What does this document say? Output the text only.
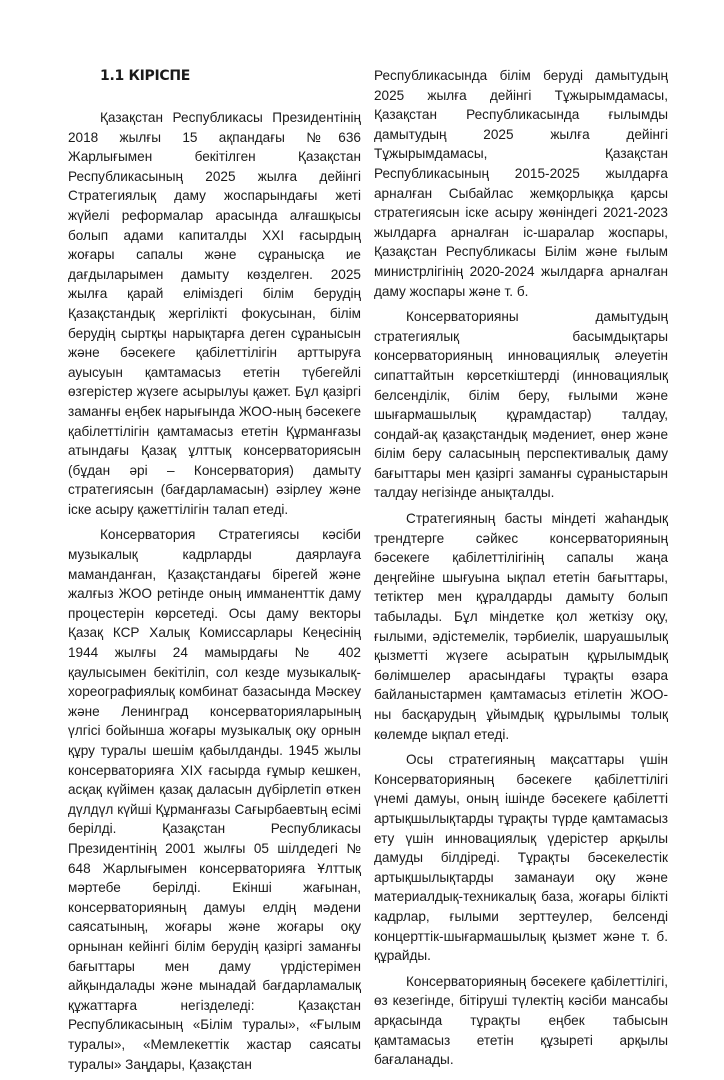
1.1 КІРІСПЕ

Қазақстан Республикасы Президентінің 2018 жылғы 15 ақпандағы №636 Жарлығымен бекітілген Қазақстан Республикасының 2025 жылға дейінгі Стратегиялық даму жоспарындағы жеті жүйелі реформалар арасында алғашқысы болып адами капиталды XXI ғасырдың жоғары сапалы және сұранысқа ие дағдыларымен дамыту көзделген. 2025 жылға қарай еліміздегі білім берудің Қазақстандық жергілікті фокусынан, білім берудің сыртқы нарықтарға деген сұранысын және бәсекеге қабілеттілігін арттыруға ауысуын қамтамасыз ететін түбегейлі өзгерістер жүзеге асырылуы қажет. Бұл қазіргі заманғы еңбек нарығында ЖОО-ның бәсекеге қабілеттілігін қамтамасыз ететін Құрманғазы атындағы Қазақ ұлттық консерваториясын (бұдан әрі – Консерватория) дамыту стратегиясын (бағдарламасын) әзірлеу және іске асыру қажеттілігін талап етеді.

Консерватория Стратегиясы кәсіби музыкалық кадрларды даярлауға маманданған, Қазақстандағы бірегей және жалғыз ЖОО ретінде оның имманенттік даму процестерін көрсетеді. Осы даму векторы Қазақ КСР Халық Комиссарлары Кеңесінің 1944 жылғы 24 мамырдағы № 402 қаулысымен бекітіліп, сол кезде музыкалық-хореографиялық комбинат базасында Мәскеу және Ленинград консерваторияларының үлгісі бойынша жоғары музыкалық оқу орнын құру туралы шешім қабылданды. 1945 жылы консерваторияға XIX ғасырда ғұмыр кешкен, асқақ күйімен қазақ даласын дүбірлетіп өткен дүлдүл күйші Құрманғазы Сағырбаевтың есімі берілді. Қазақстан Республикасы Президентінің 2001 жылғы 05 шілдедегі № 648 Жарлығымен консерваторияға Ұлттық мәртебе берілді. Екінші жағынан, консерваторияның дамуы елдің мәдени саясатының, жоғары және жоғары оқу орнынан кейінгі білім берудің қазіргі заманғы бағыттары мен даму үрдістерімен айқындалады және мынадай бағдарламалық құжаттарға негізделеді: Қазақстан Республикасының «Білім туралы», «Ғылым туралы», «Мемлекеттік жастар саясаты туралы» Заңдары, Қазақстан

Республикасында білім беруді дамытудың 2025 жылға дейінгі Тұжырымдамасы, Қазақстан Республикасында ғылымды дамытудың 2025 жылға дейінгі Тұжырымдамасы, Қазақстан Республикасының 2015-2025 жылдарға арналған Сыбайлас жемқорлыққа қарсы стратегиясын іске асыру жөніндегі 2021-2023 жылдарға арналған іс-шаралар жоспары, Қазақстан Республикасы Білім және ғылым министрлігінің 2020-2024 жылдарға арналған даму жоспары және т. б.

Консерваторияны дамытудың стратегиялық басымдықтары консерваторияның инновациялық әлеуетін сипаттайтын көрсеткіштерді (инновациялық белсенділік, білім беру, ғылыми және шығармашылық құрамдастар) талдау, сондай-ақ қазақстандық мәдениет, өнер және білім беру саласының перспективалық даму бағыттары мен қазіргі заманғы сұраныстарын талдау негізінде анықталды.

Стратегияның басты міндеті жаһандық трендтерге сәйкес консерваторияның бәсекеге қабілеттілігінің сапалы жаңа деңгейіне шығуына ықпал ететін бағыттары, тетіктер мен құралдарды дамыту болып табылады. Бұл міндетке қол жеткізу оқу, ғылыми, әдістемелік, тәрбиелік, шаруашылық қызметті жүзеге асыратын құрылымдық бөлімшелер арасындағы тұрақты өзара байланыстармен қамтамасыз етілетін ЖОО-ны басқарудың ұйымдық құрылымы толық көлемде ықпал етеді.

Осы стратегияның мақсаттары үшін Консерваторияның бәсекеге қабілеттілігі үнемі дамуы, оның ішінде бәсекеге қабілетті артықшылықтарды тұрақты түрде қамтамасыз ету үшін инновациялық үдерістер арқылы дамуды білдіреді. Тұрақты бәсекелестік артықшылықтарды заманауи оқу және материалдық-техникалық база, жоғары білікті кадрлар, ғылыми зерттеулер, белсенді концерттік-шығармашылық қызмет және т. б. құрайды.

Консерваторияның бәсекеге қабілеттілігі, өз кезегінде, бітіруші түлектің кәсіби мансабы арқасында тұрақты еңбек табысын қамтамасыз ететін құзыреті арқылы бағаланады.
